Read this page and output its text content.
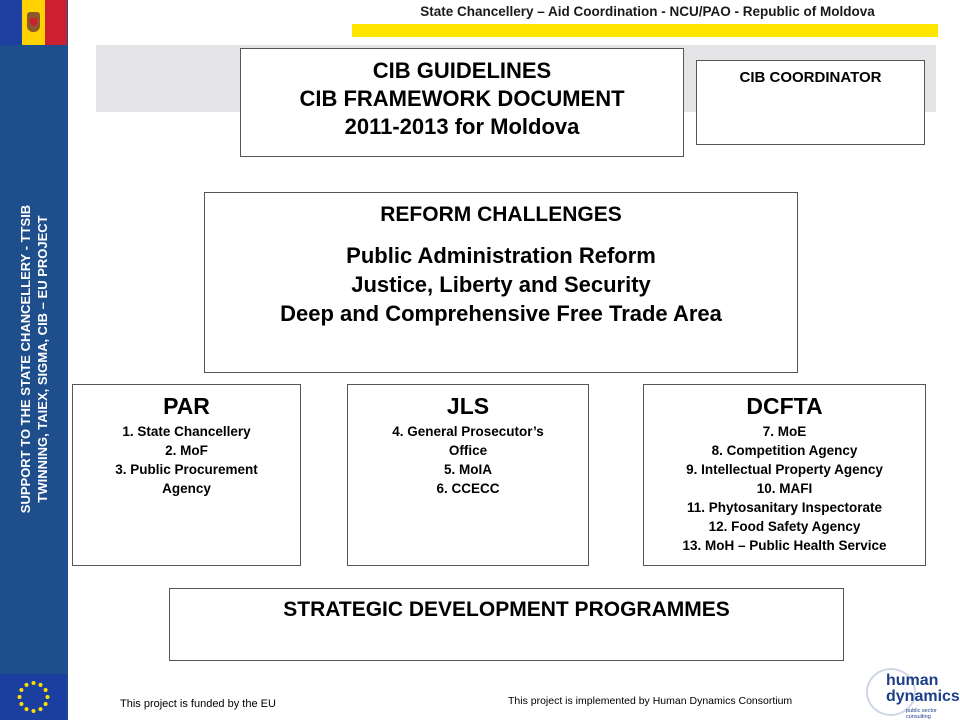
SUPPORT TO THE STATE CHANCELLERY - TTSIB TWINNING, TAIEX, SIGMA, CIB – EU PROJECT
State Chancellery – Aid Coordination - NCU/PAO - Republic of Moldova
CIB GUIDELINES
CIB FRAMEWORK DOCUMENT
2011-2013 for Moldova
CIB COORDINATOR
REFORM CHALLENGES
Public Administration Reform
Justice, Liberty and Security
Deep and Comprehensive Free Trade Area
PAR
1. State Chancellery
2. MoF
3. Public Procurement
Agency
JLS
4. General Prosecutor’s
Office
5. MoIA
6. CCECC
DCFTA
7. MoE
8. Competition Agency
9. Intellectual Property Agency
10. MAFI
11. Phytosanitary Inspectorate
12. Food Safety Agency
13. MoH – Public Health Service
STRATEGIC DEVELOPMENT PROGRAMMES
This project is funded by the EU	This project is implemented by Human Dynamics Consortium
human
dynamics
public sector consulting
